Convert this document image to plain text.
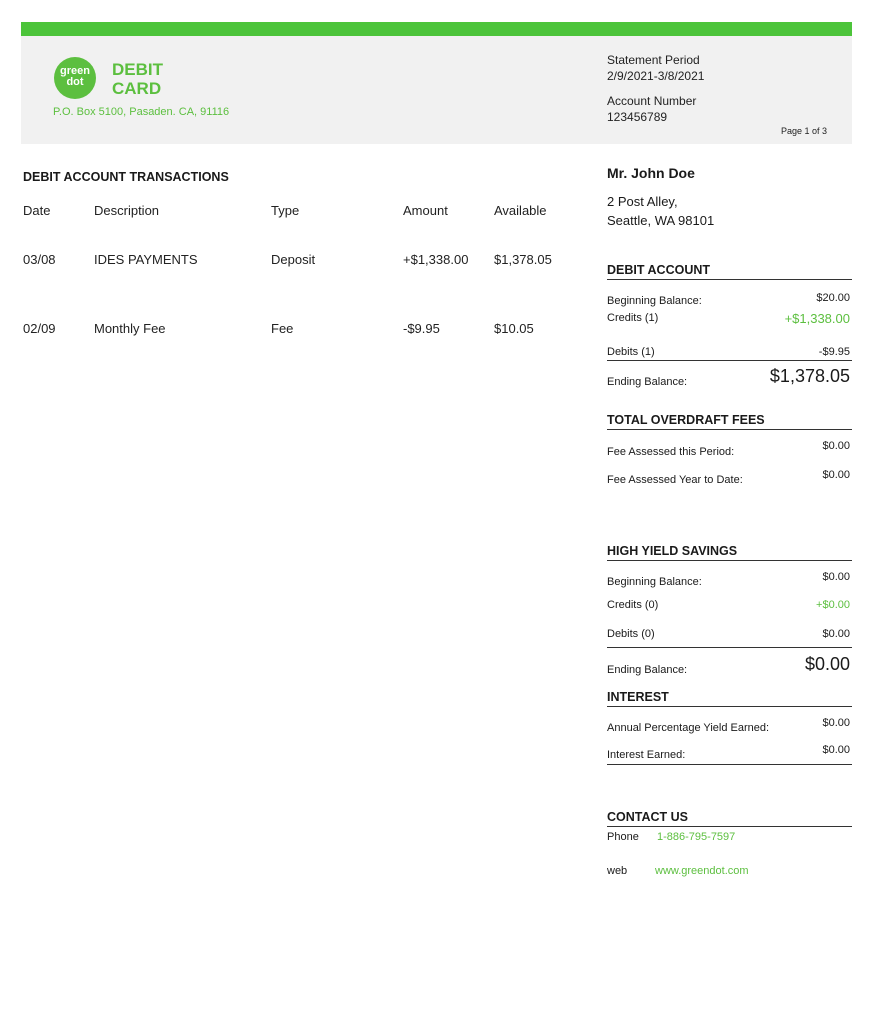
green
dot
DEBIT
CARD
P.O. Box 5100, Pasaden. CA, 91116
Statement Period
2/9/2021-3/8/2021
Account Number
123456789
Page 1 of 3
DEBIT ACCOUNT TRANSACTIONS
Date	Description	Type	Amount	Available
03/08	IDES PAYMENTS	Deposit	+$1,338.00 $1,378.05
02/09	Monthly Fee	Fee	-$9.95	$10.05
Mr. John Doe
2 Post Alley,
Seattle, WA 98101
DEBIT ACCOUNT
Beginning Balance:	$20.00
Credits (1)	+$1,338.00
Debits (1)	-$9.95
Ending Balance:	$1,378.05
TOTAL OVERDRAFT FEES
Fee Assessed this Period:	$0.00
Fee Assessed Year to Date:	$0.00
HIGH YIELD SAVINGS
Beginning Balance:	$0.00
Credits (0)	+$0.00
Debits (0)	$0.00
Ending Balance:	$0.00
INTEREST
Annual Percentage Yield Earned:	$0.00
Interest Earned:	$0.00
CONTACT US
Phone 1-886-795-7597
web	www.greendot.com
